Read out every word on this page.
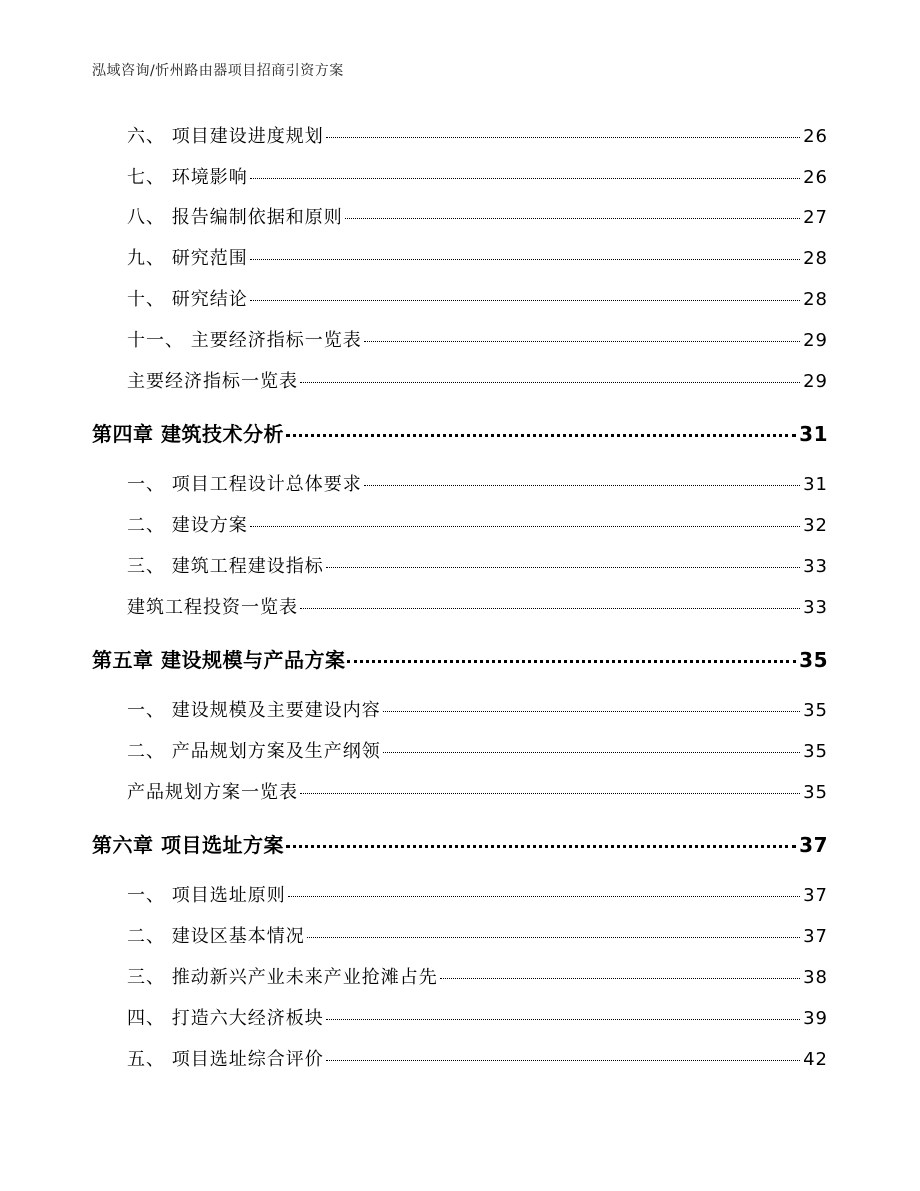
泓域咨询/忻州路由器项目招商引资方案
六、 项目建设进度规划	26
七、 环境影响	26
八、 报告编制依据和原则	27
九、 研究范围	28
十、 研究结论	28
十一、 主要经济指标一览表	29
主要经济指标一览表	29
第四章 建筑技术分析	31
一、 项目工程设计总体要求	31
二、 建设方案	32
三、 建筑工程建设指标	33
建筑工程投资一览表	33
第五章 建设规模与产品方案	35
一、 建设规模及主要建设内容	35
二、 产品规划方案及生产纲领	35
产品规划方案一览表	35
第六章 项目选址方案	37
一、 项目选址原则	37
二、 建设区基本情况	37
三、 推动新兴产业未来产业抢滩占先	38
四、 打造六大经济板块	39
五、 项目选址综合评价	42
